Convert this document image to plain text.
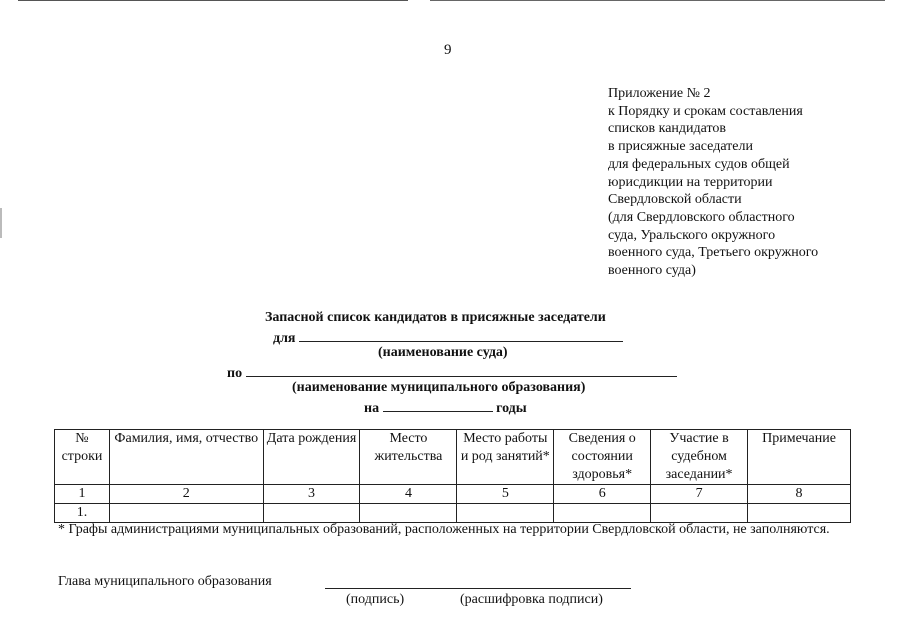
9
Приложение № 2
к Порядку и срокам составления
списков кандидатов
в присяжные заседатели
для федеральных судов общей
юрисдикции на территории
Свердловской области
(для Свердловского областного
суда, Уральского окружного
военного суда, Третьего окружного
военного суда)
Запасной список кандидатов в присяжные заседатели
для
(наименование суда)
по
(наименование муниципального образования)
на	годы
№ строки	Фамилия, имя, отчество	Дата рождения	Место жительства	Место работы и род занятий*	Сведения о состоянии здоровья*	Участие в судебном заседании*	Примечание
1	2	3	4	5	6	7	8
1.							
* Графы администрациями муниципальных образований, расположенных на территории Свердловской области, не заполняются.
Глава муниципального образования
(подпись)	(расшифровка подписи)
